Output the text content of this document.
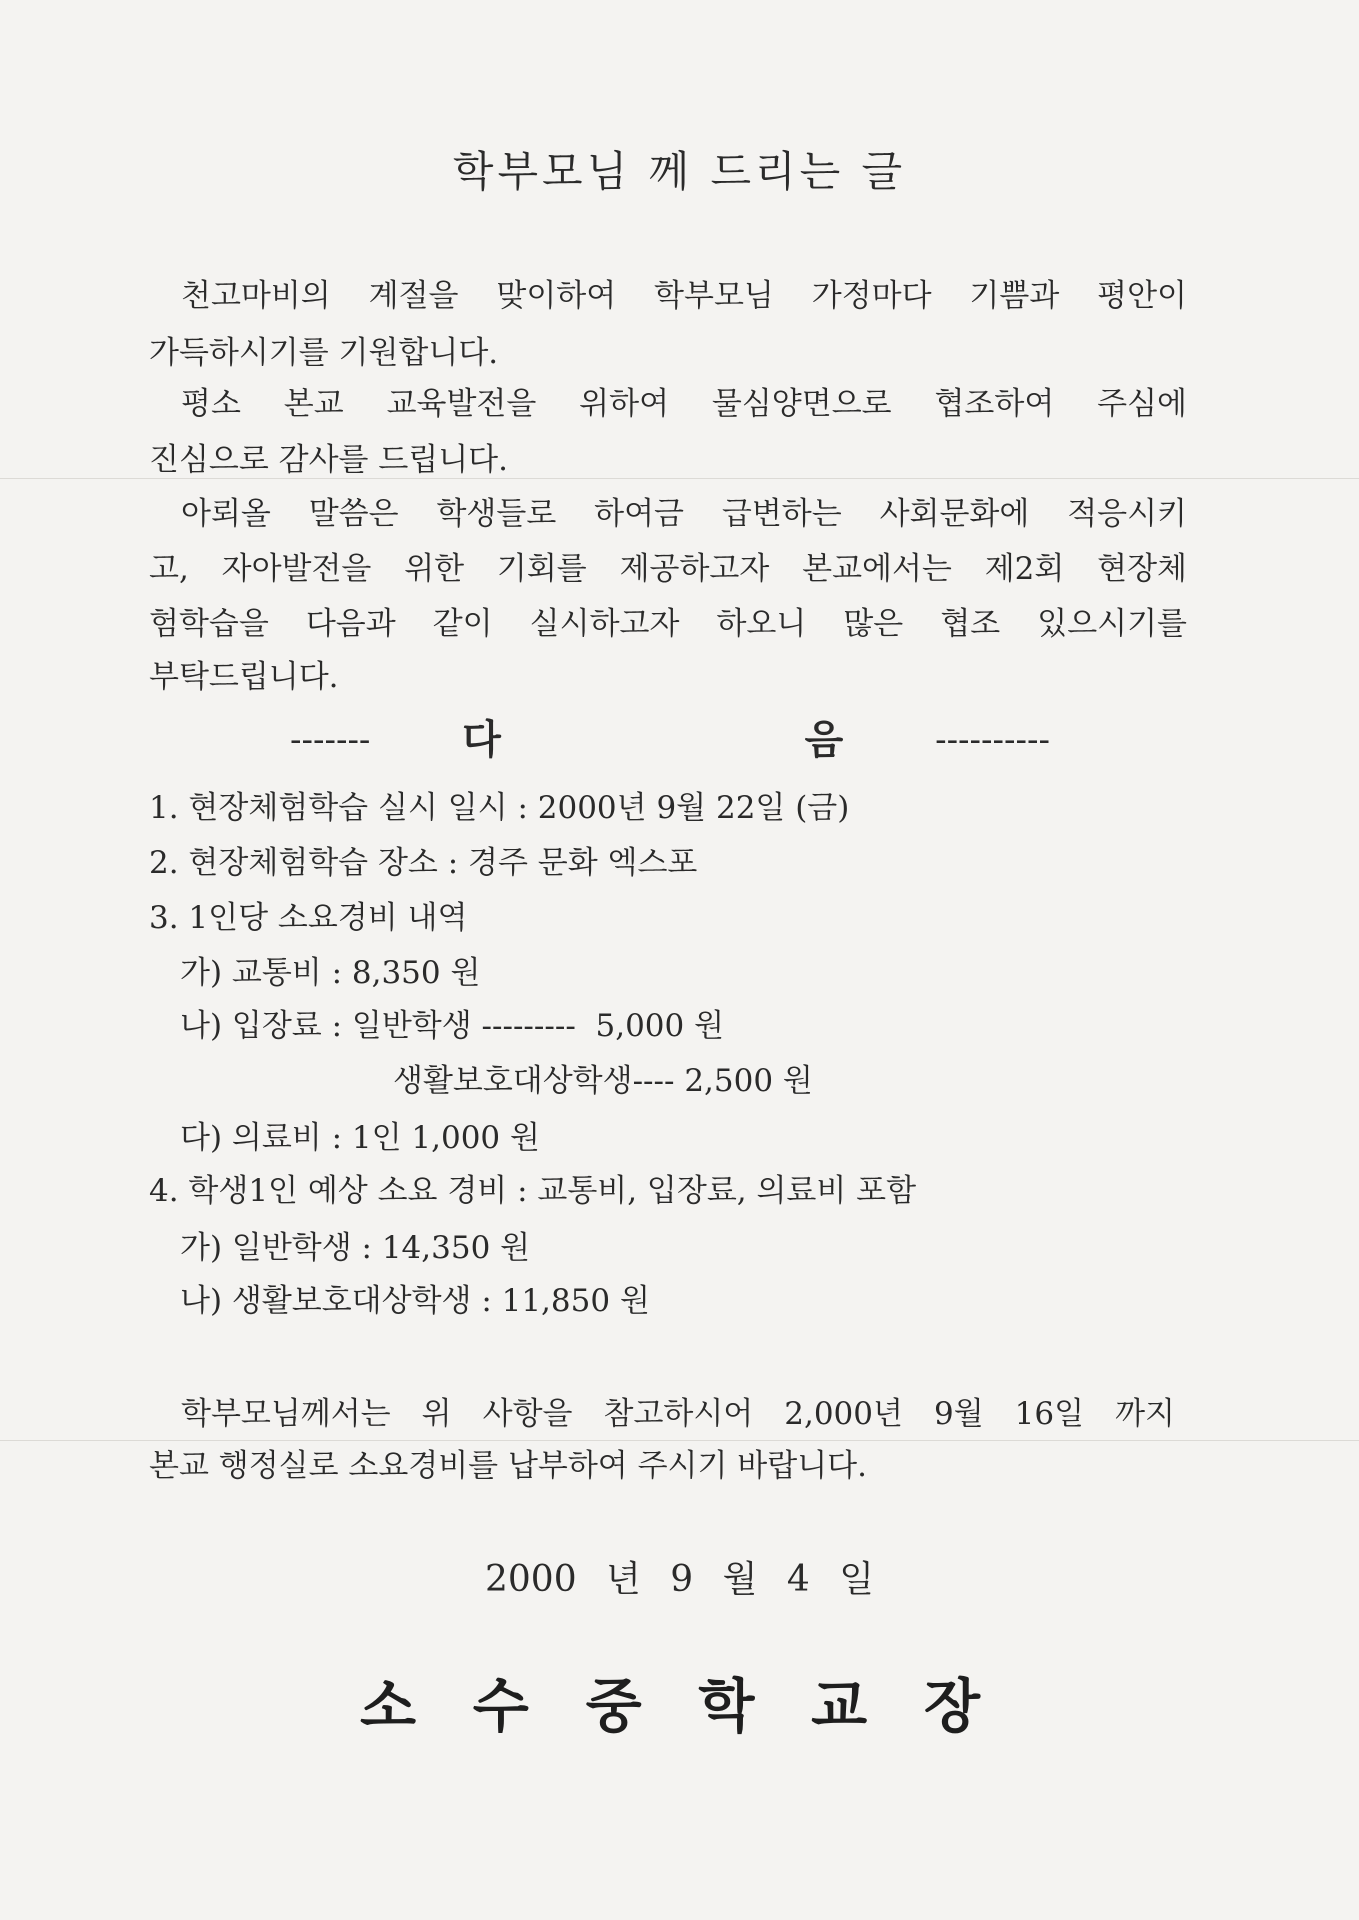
학부모님 께 드리는 글
천고마비의 계절을 맞이하여 학부모님 가정마다 기쁨과 평안이
가득하시기를 기원합니다.
평소 본교 교육발전을 위하여 물심양면으로 협조하여 주심에
진심으로 감사를 드립니다.
아뢰올 말씀은 학생들로 하여금 급변하는 사회문화에 적응시키
고, 자아발전을 위한 기회를 제공하고자 본교에서는 제2회 현장체
험학습을 다음과 같이 실시하고자 하오니 많은 협조 있으시기를
부탁드립니다.
------- 다	음	----------
1. 현장체험학습 실시 일시 : 2000년 9월 22일 (금)
2. 현장체험학습 장소 : 경주 문화 엑스포
3. 1인당 소요경비 내역
가) 교통비 : 8,350 원
나) 입장료 : 일반학생 ---------  5,000 원
생활보호대상학생---- 2,500 원
다) 의료비 : 1인 1,000 원
4. 학생1인 예상 소요 경비 : 교통비, 입장료, 의료비 포함
가) 일반학생 : 14,350 원
나) 생활보호대상학생 : 11,850 원
학부모님께서는 위 사항을 참고하시어 2,000년 9월 16일 까지
본교 행정실로 소요경비를 납부하여 주시기 바랍니다.
2000 년 9 월 4 일
소 수 중 학 교 장
